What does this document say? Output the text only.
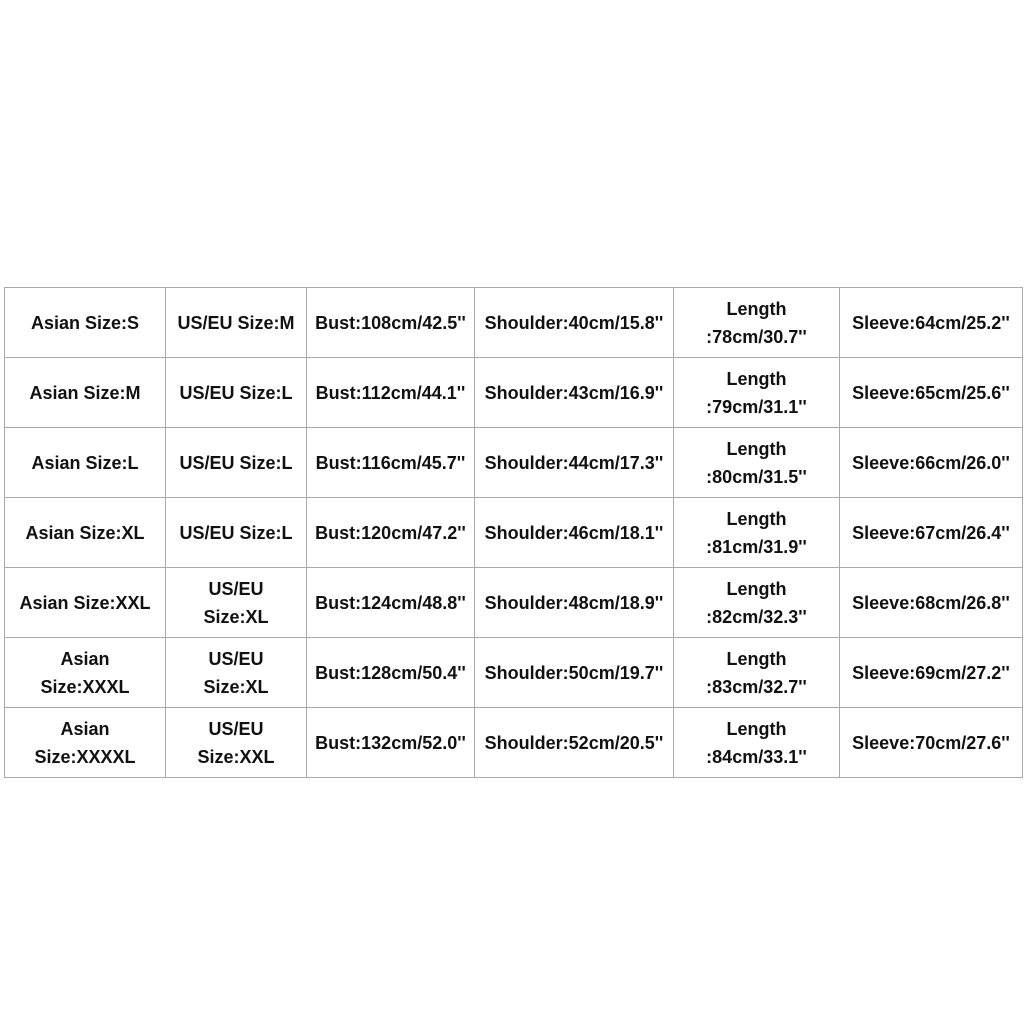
Asian Size:S	US/EU Size:M	Bust:108cm/42.5''	Shoulder:40cm/15.8''	Length
:78cm/30.7''	Sleeve:64cm/25.2''
Asian Size:M	US/EU Size:L	Bust:112cm/44.1''	Shoulder:43cm/16.9''	Length
:79cm/31.1''	Sleeve:65cm/25.6''
Asian Size:L	US/EU Size:L	Bust:116cm/45.7''	Shoulder:44cm/17.3''	Length
:80cm/31.5''	Sleeve:66cm/26.0''
Asian Size:XL	US/EU Size:L	Bust:120cm/47.2''	Shoulder:46cm/18.1''	Length
:81cm/31.9''	Sleeve:67cm/26.4''
Asian Size:XXL	US/EU
Size:XL	Bust:124cm/48.8''	Shoulder:48cm/18.9''	Length
:82cm/32.3''	Sleeve:68cm/26.8''
Asian
Size:XXXL	US/EU
Size:XL	Bust:128cm/50.4''	Shoulder:50cm/19.7''	Length
:83cm/32.7''	Sleeve:69cm/27.2''
Asian
Size:XXXXL	US/EU
Size:XXL	Bust:132cm/52.0''	Shoulder:52cm/20.5''	Length
:84cm/33.1''	Sleeve:70cm/27.6''
